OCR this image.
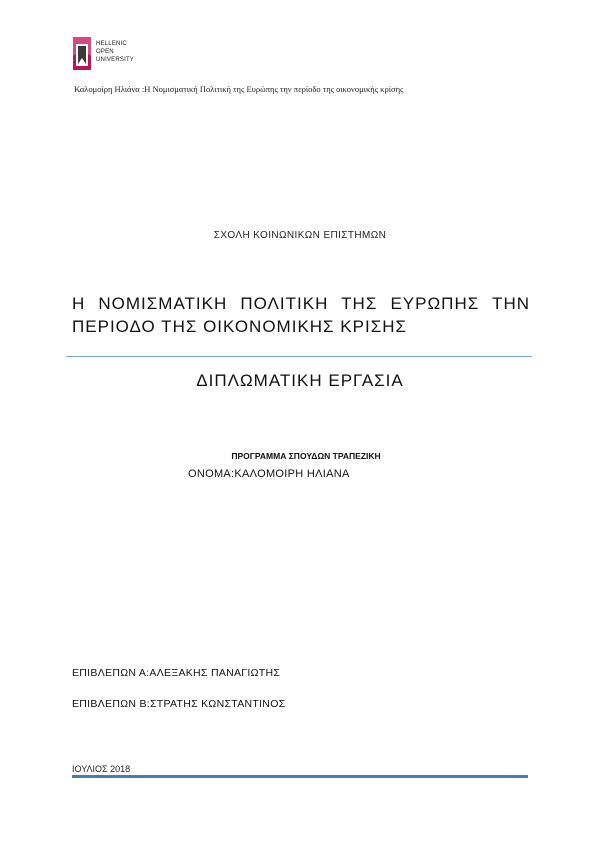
HELLENIC
OPEN
UNIVERSITY
Καλομοίρη Ηλιάνα :Η Νομισματική Πολιτική της Ευρώπης την περίοδο της οικονομικής κρίσης
ΣΧΟΛΗ ΚΟΙΝΩΝΙΚΩΝ ΕΠΙΣΤΗΜΩΝ
Η ΝΟΜΙΣΜΑΤΙΚΗ ΠΟΛΙΤΙΚΗ ΤΗΣ ΕΥΡΩΠΗΣ ΤΗΝ ΠΕΡΙΟΔΟ ΤΗΣ ΟΙΚΟΝΟΜΙΚΗΣ ΚΡΙΣΗΣ
ΔΙΠΛΩΜΑΤΙΚΗ ΕΡΓΑΣΙΑ
ΠΡΟΓΡΑΜΜΑ ΣΠΟΥΔΩΝ ΤΡΑΠΕΖΙΚΗ
ΟΝΟΜΑ:ΚΑΛΟΜΟΙΡΗ ΗΛΙΑΝΑ
ΕΠΙΒΛΕΠΩΝ Α:ΑΛΕΞΑΚΗΣ ΠΑΝΑΓΙΩΤΗΣ
ΕΠΙΒΛΕΠΩΝ Β:ΣΤΡΑΤΗΣ ΚΩΝΣΤΑΝΤΙΝΟΣ
ΙΟΥΛΙΟΣ 2018
